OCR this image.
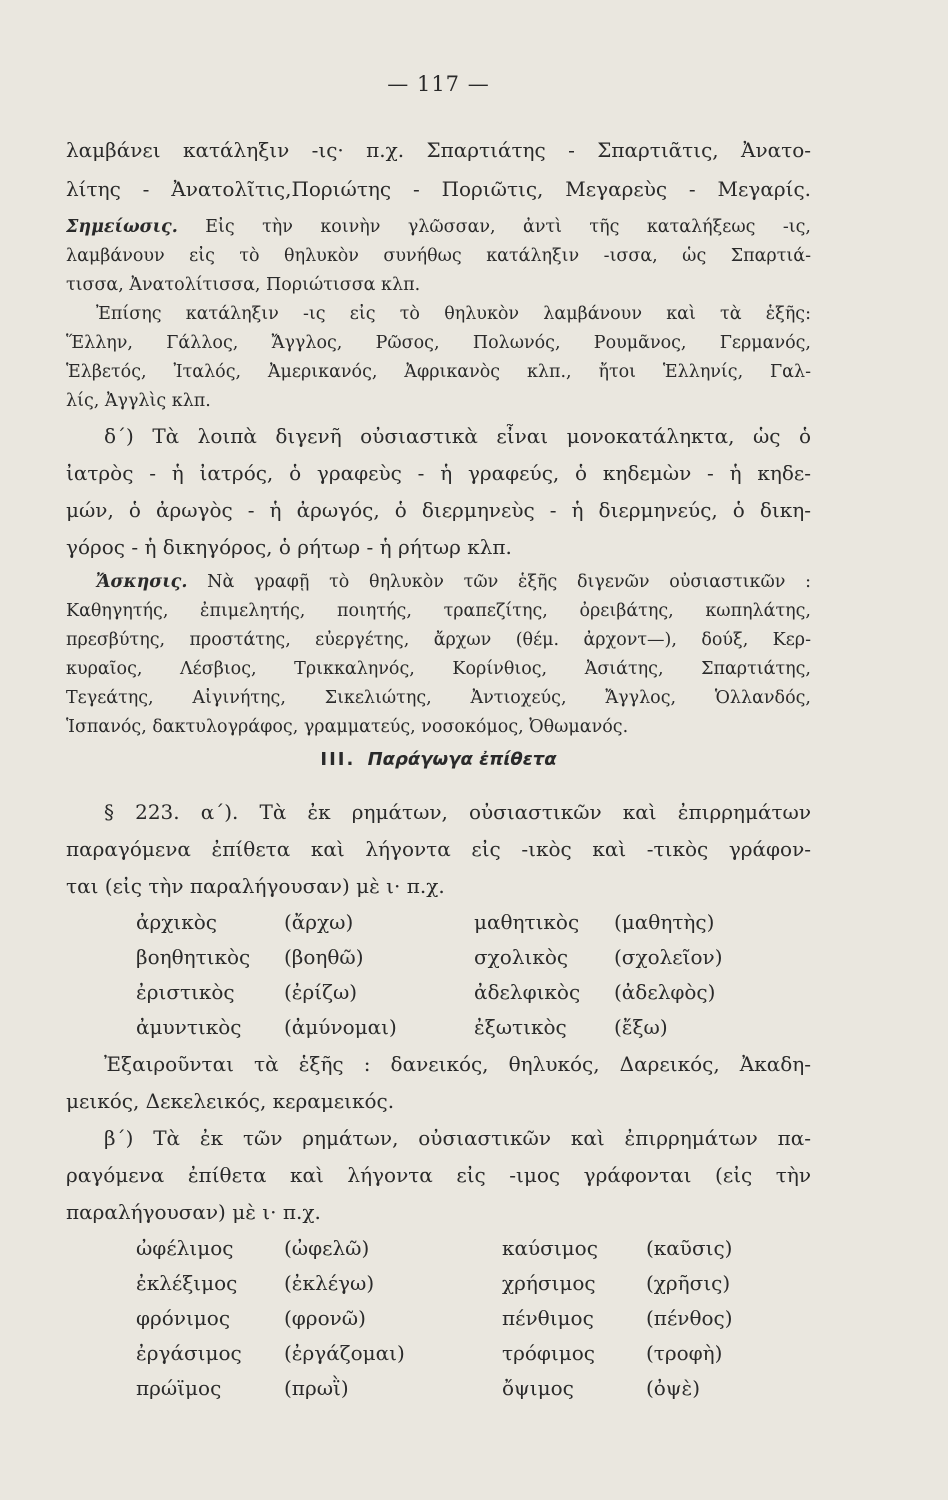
— 117 —
λαμβάνει κατάληξιν -ις· π.χ. Σπαρτιάτης - Σπαρτιᾶτις, Ἀνατο-
λίτης - Ἀνατολῖτις,Ποριώτης - Ποριῶτις, Μεγαρεὺς - Μεγαρίς.
Σημείωσις. Εἰς τὴν κοινὴν γλῶσσαν, ἀντὶ τῆς καταλήξεως -ις,
λαμβάνουν εἰς τὸ θηλυκὸν συνήθως κατάληξιν -ισσα, ὡς Σπαρτιά-
τισσα, Ἀνατολίτισσα, Ποριώτισσα κλπ.
Ἐπίσης κατάληξιν -ις εἰς τὸ θηλυκὸν λαμβάνουν καὶ τὰ ἑξῆς:
Ἕλλην, Γάλλος, Ἄγγλος, Ρῶσος, Πολωνός, Ρουμᾶνος, Γερμανός,
Ἑλβετός, Ἰταλός, Ἀμερικανός, Ἀφρικανὸς κλπ., ἤτοι Ἑλληνίς, Γαλ-
λίς, Ἀγγλὶς κλπ.
δ΄) Τὰ λοιπὰ διγενῆ οὐσιαστικὰ εἶναι μονοκατάληκτα, ὡς ὁ
ἰατρὸς - ἡ ἰατρός, ὁ γραφεὺς - ἡ γραφεύς, ὁ κηδεμὼν - ἡ κηδε-
μών, ὁ ἀρωγὸς - ἡ ἀρωγός, ὁ διερμηνεὺς - ἡ διερμηνεύς, ὁ δικη-
γόρος - ἡ δικηγόρος, ὁ ρήτωρ - ἡ ρήτωρ κλπ.
Ἄσκησις. Νὰ γραφῇ τὸ θηλυκὸν τῶν ἑξῆς διγενῶν οὐσιαστικῶν :
Καθηγητής, ἐπιμελητής, ποιητής, τραπεζίτης, ὀρειβάτης, κωπηλάτης,
πρεσβύτης, προστάτης, εὐεργέτης, ἄρχων (θέμ. ἀρχοντ—), δούξ, Κερ-
κυραῖος, Λέσβιος, Τρικκαληνός, Κορίνθιος, Ἀσιάτης, Σπαρτιάτης,
Τεγεάτης, Αἰγινήτης, Σικελιώτης, Ἀντιοχεύς, Ἄγγλος, Ὁλλανδός,
Ἱσπανός, δακτυλογράφος, γραμματεύς, νοσοκόμος, Ὀθωμανός.
III. Παράγωγα ἐπίθετα
§ 223. α΄). Τὰ ἐκ ρημάτων, οὐσιαστικῶν καὶ ἐπιρρημάτων
παραγόμενα ἐπίθετα καὶ λήγοντα εἰς -ικὸς καὶ -τικὸς γράφον-
ται (εἰς τὴν παραλήγουσαν) μὲ ι· π.χ.
ἀρχικὸς	(ἄρχω)	μαθητικὸς (μαθητὴς)
βοηθητικὸς (βοηθῶ)	σχολικὸς (σχολεῖον)
ἐριστικὸς (ἐρίζω)	ἀδελφικὸς (ἀδελφὸς)
ἀμυντικὸς (ἀμύνομαι)	ἐξωτικὸς (ἔξω)
Ἐξαιροῦνται τὰ ἑξῆς : δανεικός, θηλυκός, Δαρεικός, Ἀκαδη-
μεικός, Δεκελεικός, κεραμεικός.
β΄) Τὰ ἐκ τῶν ρημάτων, οὐσιαστικῶν καὶ ἐπιρρημάτων πα-
ραγόμενα ἐπίθετα καὶ λήγοντα εἰς -ιμος γράφονται (εἰς τὴν
παραλήγουσαν) μὲ ι· π.χ.
ὠφέλιμος	(ὠφελῶ)	καύσιμος (καῦσις)
ἐκλέξιμος (ἐκλέγω)	χρήσιμος	(χρῆσις)
φρόνιμος	(φρονῶ)	πένθιμος	(πένθος)
ἐργάσιμος (ἐργάζομαι)	τρόφιμος	(τροφὴ)
πρώϊμος	(πρωῒ)	ὄψιμος	(ὀψὲ)
